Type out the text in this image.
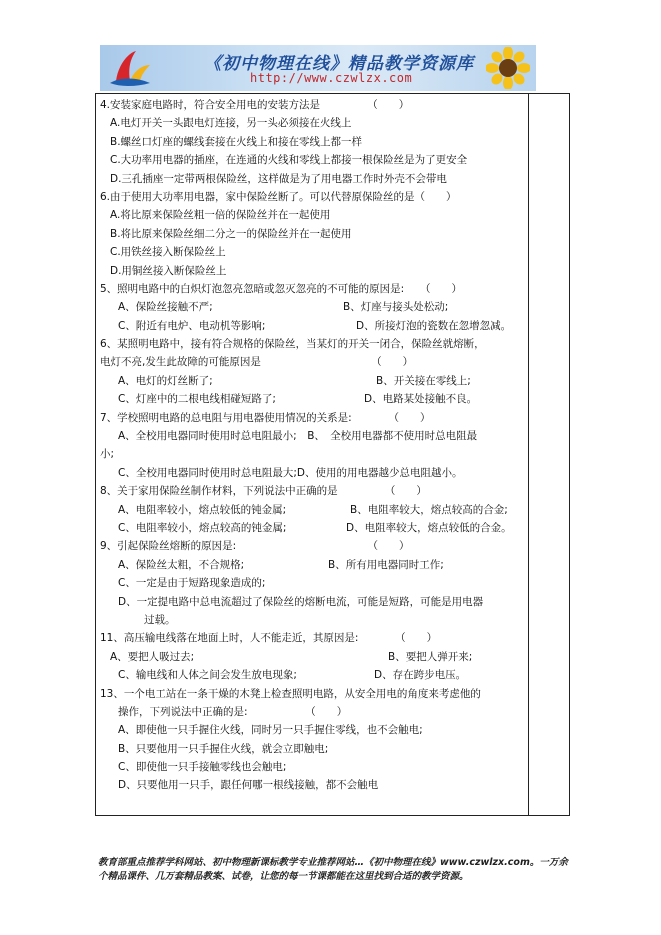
《初中物理在线》精品教学资源库
http://www.czwlzx.com
4.安装家庭电路时，符合安全用电的安装方法是　　　　　（　　）
A.电灯开关一头跟电灯连接，另一头必须接在火线上
B.螺丝口灯座的螺线套接在火线上和接在零线上都一样
C.大功率用电器的插座，在连通的火线和零线上都接一根保险丝是为了更安全
D.三孔插座一定带两根保险丝，这样做是为了用电器工作时外壳不会带电
6.由于使用大功率用电器，家中保险丝断了。可以代替原保险丝的是（　　）
A.将比原来保险丝粗一倍的保险丝并在一起使用
B.将比原来保险丝细二分之一的保险丝并在一起使用
C.用铁丝接入断保险丝上
D.用铜丝接入断保险丝上
5、照明电路中的白炽灯泡忽亮忽暗或忽灭忽亮的不可能的原因是:　　（　　）
A、保险丝接触不严;	B、灯座与接头处松动;
C、附近有电炉、电动机等影响;	D、所接灯泡的瓷数在忽增忽减。
6、某照明电路中，接有符合规格的保险丝，当某灯的开关一闭合，保险丝就熔断，
电灯不亮,发生此故障的可能原因是　　　　　　　　　　　（　　）
A、电灯的灯丝断了;	B、开关接在零线上;
C、灯座中的二根电线相碰短路了;	D、电路某处接触不良。
7、学校照明电路的总电阻与用电器使用情况的关系是:　　　　（　　）
A、全校用电器同时使用时总电阻最小;　B、　全校用电器都不使用时总电阻最
小;
C、全校用电器同时使用时总电阻最大;D、使用的用电器越少总电阻越小。
8、关于家用保险丝制作材料，下列说法中正确的是　　　　　（　　）
A、电阻率较小，熔点较低的钝金属;	B、电阻率较大，熔点较高的合金;
C、电阻率较小，熔点较高的钝金属;	D、电阻率较大，熔点较低的合金。
9、引起保险丝熔断的原因是:　　　　　　　　　　　　　（　　）
A、保险丝太粗，不合规格;	B、所有用电器同时工作;
C、一定是由于短路现象造成的;
D、一定提电路中总电流超过了保险丝的熔断电流，可能是短路，可能是用电器
过载。
11、高压输电线落在地面上时，人不能走近，其原因是:　　　　（　　）
A、要把人吸过去;	B、要把人弹开来;
C、输电线和人体之间会发生放电现象;	D、存在跨步电压。
13、一个电工站在一条干燥的木凳上检查照明电路，从安全用电的角度来考虑他的
操作，下列说法中正确的是:　　　　　　（　　）
A、即使他一只手握住火线，同时另一只手握住零线，也不会触电;
B、只要他用一只手握住火线，就会立即触电;
C、即使他一只手接触零线也会触电;
D、只要他用一只手，跟任何哪一根线接触，都不会触电
教育部重点推荐学科网站、初中物理新课标教学专业推荐网站…《初中物理在线》www.czwlzx.com。一万余
个精品课件、几万套精品教案、试卷，让您的每一节课都能在这里找到合适的教学资源。
